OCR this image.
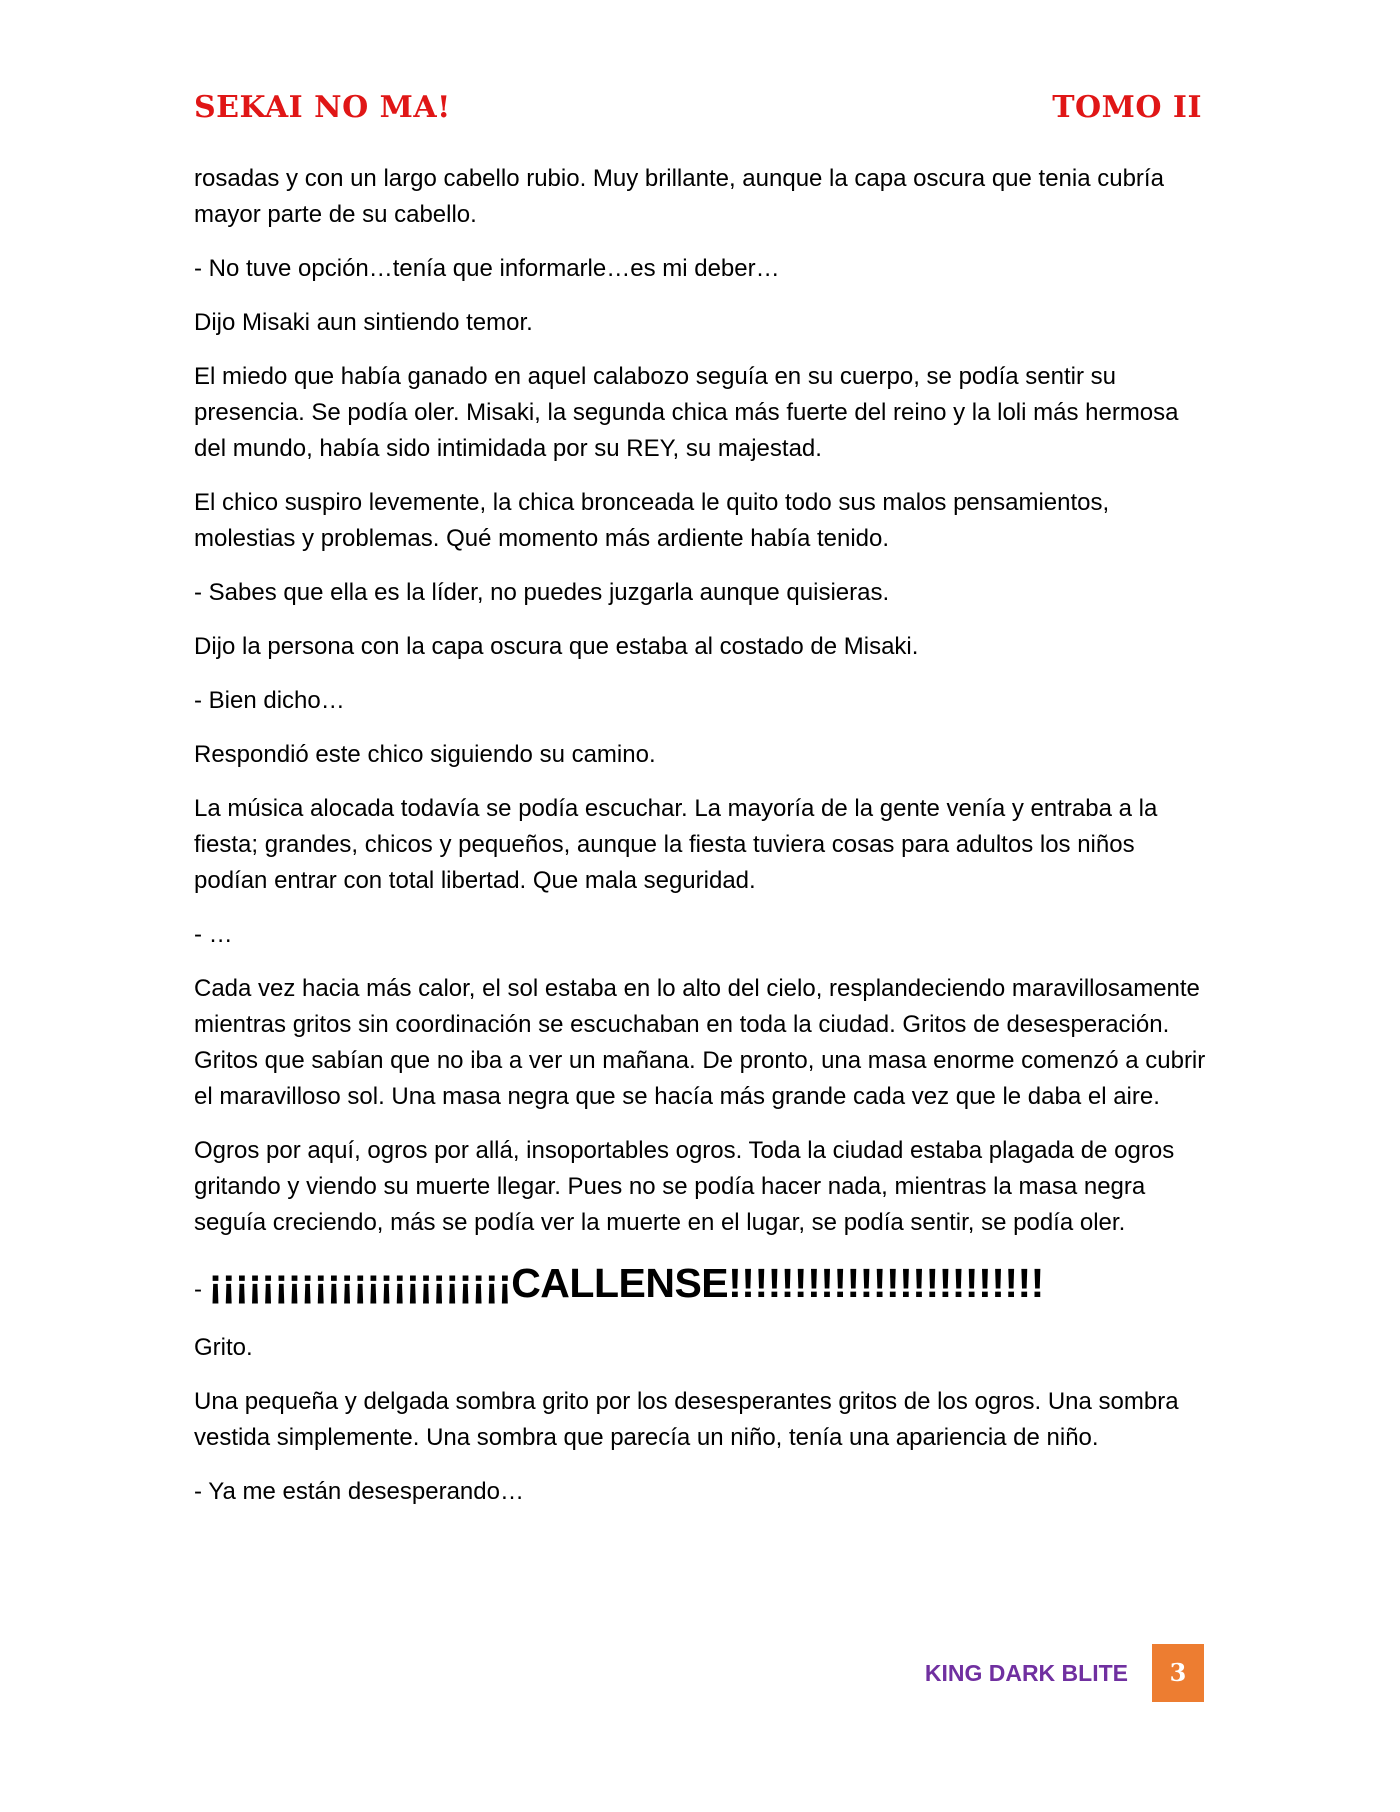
SEKAI NO MA!	TOMO II

rosadas y con un largo cabello rubio. Muy brillante, aunque la capa oscura que tenia cubría mayor parte de su cabello.

- No tuve opción…tenía que informarle…es mi deber…

Dijo Misaki aun sintiendo temor.

El miedo que había ganado en aquel calabozo seguía en su cuerpo, se podía sentir su presencia. Se podía oler. Misaki, la segunda chica más fuerte del reino y la loli más hermosa del mundo, había sido intimidada por su REY, su majestad.

El chico suspiro levemente, la chica bronceada le quito todo sus malos pensamientos, molestias y problemas. Qué momento más ardiente había tenido.

- Sabes que ella es la líder, no puedes juzgarla aunque quisieras.

Dijo la persona con la capa oscura que estaba al costado de Misaki.

- Bien dicho…

Respondió este chico siguiendo su camino.

La música alocada todavía se podía escuchar. La mayoría de la gente venía y entraba a la fiesta; grandes, chicos y pequeños, aunque la fiesta tuviera cosas para adultos los niños podían entrar con total libertad. Que mala seguridad.

- …

Cada vez hacia más calor, el sol estaba en lo alto del cielo, resplandeciendo maravillosamente mientras gritos sin coordinación se escuchaban en toda la ciudad. Gritos de desesperación. Gritos que sabían que no iba a ver un mañana. De pronto, una masa enorme comenzó a cubrir el maravilloso sol. Una masa negra que se hacía más grande cada vez que le daba el aire.

Ogros por aquí, ogros por allá, insoportables ogros. Toda la ciudad estaba plagada de ogros gritando y viendo su muerte llegar. Pues no se podía hacer nada, mientras la masa negra seguía creciendo, más se podía ver la muerte en el lugar, se podía sentir, se podía oler.

- ¡¡¡¡¡¡¡¡¡¡¡¡¡¡¡¡¡¡¡¡¡¡¡CALLENSE!!!!!!!!!!!!!!!!!!!!!!!!

Grito.

Una pequeña y delgada sombra grito por los desesperantes gritos de los ogros. Una sombra vestida simplemente. Una sombra que parecía un niño, tenía una apariencia de niño.

- Ya me están desesperando…

KING DARK BLITE	3
